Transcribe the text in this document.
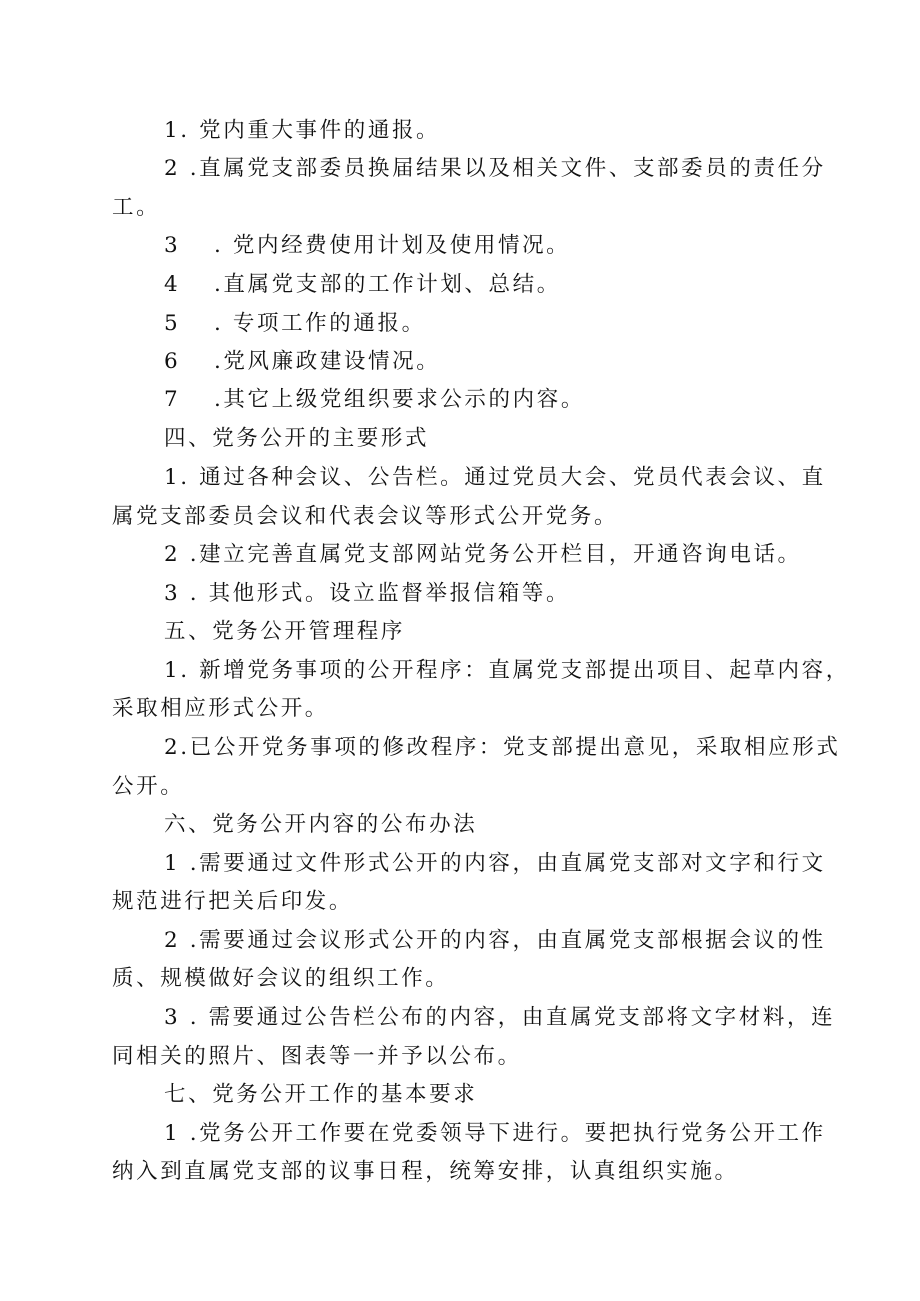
1. 党内重大事件的通报。
2 .直属党支部委员换届结果以及相关文件、支部委员的责任分
工。
3 . 党内经费使用计划及使用情况。
4 .直属党支部的工作计划、总结。
5 . 专项工作的通报。
6 .党风廉政建设情况。
7 .其它上级党组织要求公示的内容。
四、党务公开的主要形式
1. 通过各种会议、公告栏。通过党员大会、党员代表会议、直
属党支部委员会议和代表会议等形式公开党务。
2 .建立完善直属党支部网站党务公开栏目，开通咨询电话。
3 . 其他形式。设立监督举报信箱等。
五、党务公开管理程序
1. 新增党务事项的公开程序：直属党支部提出项目、起草内容，
采取相应形式公开。
2.已公开党务事项的修改程序：党支部提出意见，采取相应形式
公开。
六、党务公开内容的公布办法
1 .需要通过文件形式公开的内容，由直属党支部对文字和行文
规范进行把关后印发。
2 .需要通过会议形式公开的内容，由直属党支部根据会议的性
质、规模做好会议的组织工作。
3 . 需要通过公告栏公布的内容，由直属党支部将文字材料，连
同相关的照片、图表等一并予以公布。
七、党务公开工作的基本要求
1 .党务公开工作要在党委领导下进行。要把执行党务公开工作
纳入到直属党支部的议事日程，统筹安排，认真组织实施。
